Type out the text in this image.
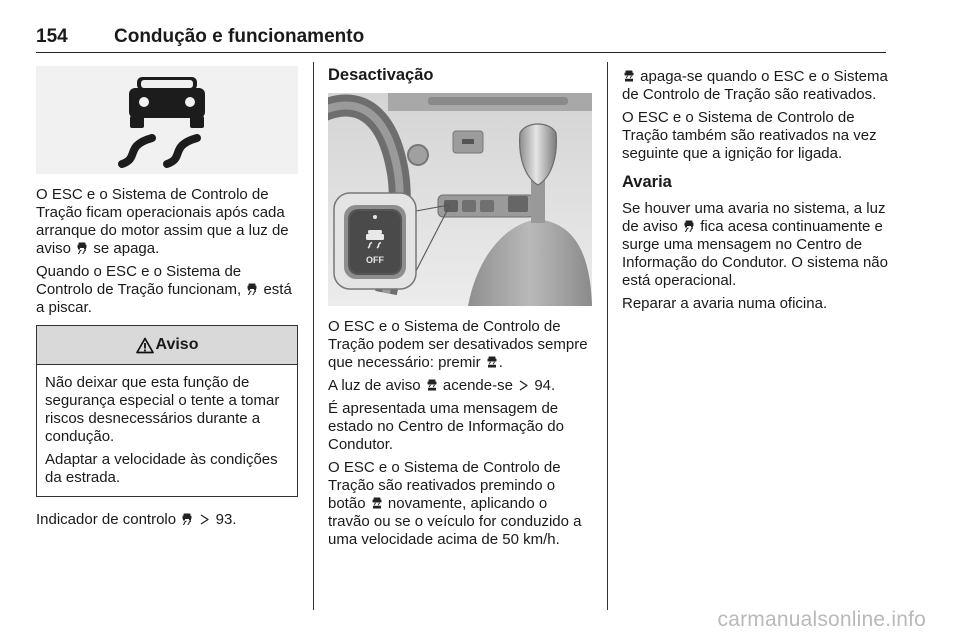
154 Condução e funcionamento

O ESC e o Sistema de Controlo de Tração ficam operacionais após cada arranque do motor assim que a luz de aviso se apaga.

Quando o ESC e o Sistema de Controlo de Tração funcionam, está a piscar.

Aviso

Não deixar que esta função de segurança especial o tente a tomar riscos desnecessários durante a condução.

Adaptar a velocidade às condições da estrada.

Indicador de controlo	93.

Desactivação
OFF

O ESC e o Sistema de Controlo de Tração podem ser desativados sempre que necessário: premir .

A luz de aviso acende-se 94.

É apresentada uma mensagem de estado no Centro de Informação do Condutor.

O ESC e o Sistema de Controlo de Tração são reativados premindo o botão novamente, aplicando o travão ou se o veículo for conduzido a uma velocidade acima de 50 km/h.

apaga-se quando o ESC e o Sistema de Controlo de Tração são reativados.

O ESC e o Sistema de Controlo de Tração também são reativados na vez seguinte que a ignição for ligada.

Avaria

Se houver uma avaria no sistema, a luz de aviso fica acesa continuamente e surge uma mensagem no Centro de Informação do Condutor. O sistema não está operacional.

Reparar a avaria numa oficina.

carmanualsonline.info
